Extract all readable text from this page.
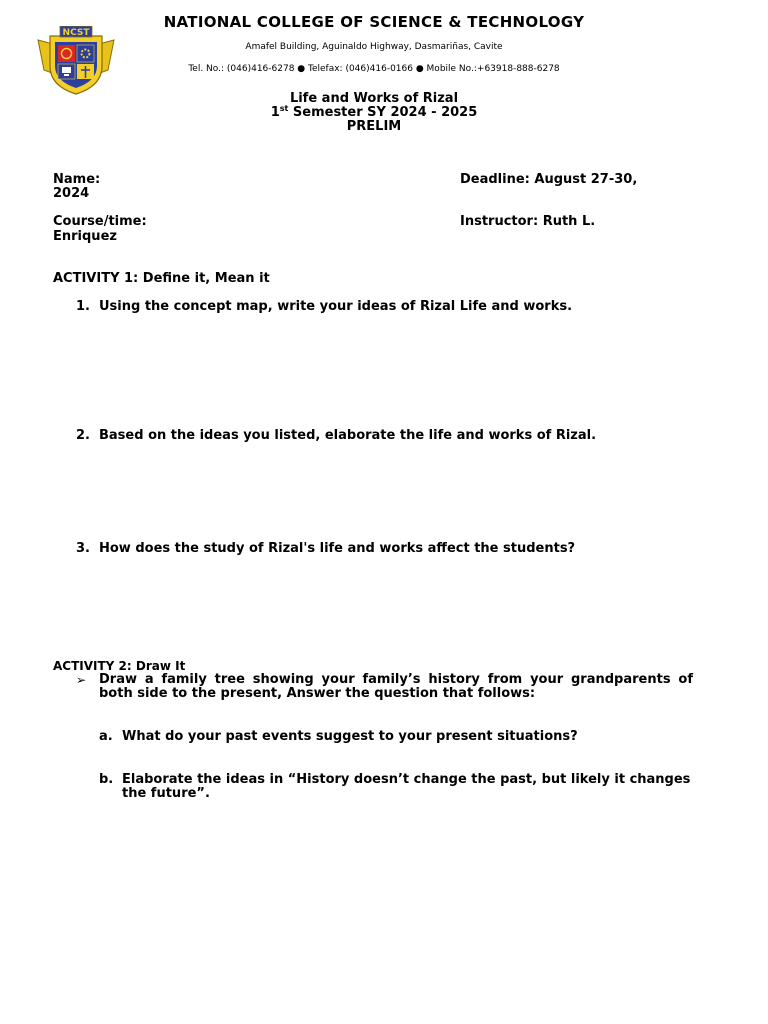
NCST
NATIONAL COLLEGE OF SCIENCE & TECHNOLOGY
Amafel Building, Aguinaldo Highway, Dasmariñas, Cavite
Tel. No.: (046)416-6278 ● Telefax: (046)416-0166 ● Mobile No.:+63918-888-6278
Life and Works of Rizal
1st Semester SY 2024 - 2025
PRELIM
Name:	Deadline: August 27-30,
2024
Course/time:	Instructor: Ruth L.
Enriquez
ACTIVITY 1: Define it, Mean it
1. Using the concept map, write your ideas of Rizal Life and works.
2. Based on the ideas you listed, elaborate the life and works of Rizal.
3. How does the study of Rizal's life and works affect the students?
ACTIVITY 2: Draw It
➢ Draw a family tree showing your family’s history from your grandparents of both side to the present, Answer the question that follows:
a. What do your past events suggest to your present situations?
b. Elaborate the ideas in “History doesn’t change the past, but likely it changes the future”.
